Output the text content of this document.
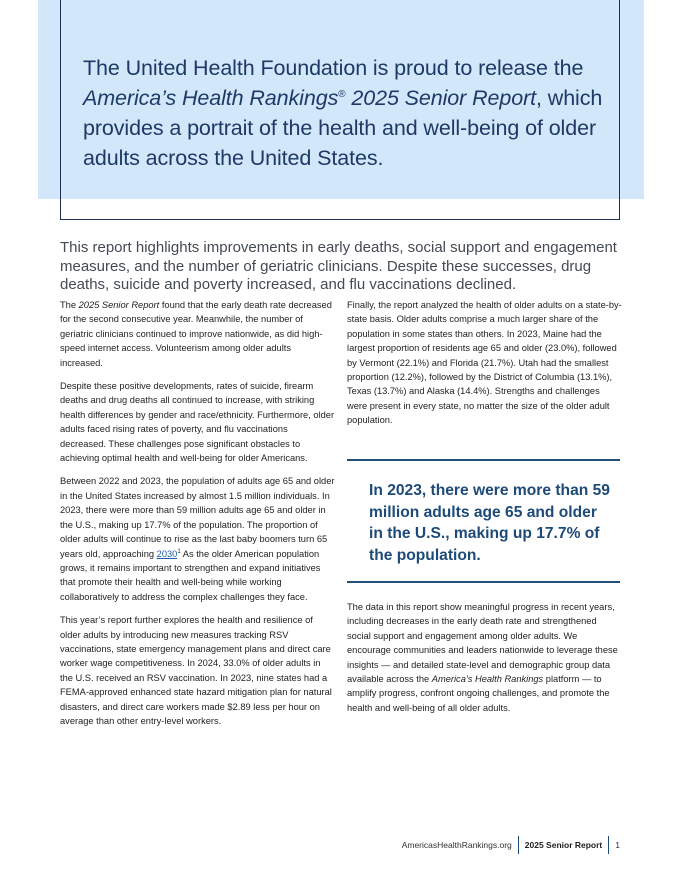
The United Health Foundation is proud to release the America’s Health Rankings® 2025 Senior Report, which provides a portrait of the health and well-being of older adults across the United States.

This report highlights improvements in early deaths, social support and engagement measures, and the number of geriatric clinicians. Despite these successes, drug deaths, suicide and poverty increased, and flu vaccinations declined.

The 2025 Senior Report found that the early death rate decreased for the second consecutive year. Meanwhile, the number of geriatric clinicians continued to improve nationwide, as did high-speed internet access. Volunteerism among older adults increased.

Despite these positive developments, rates of suicide, firearm deaths and drug deaths all continued to increase, with striking health differences by gender and race/ethnicity. Furthermore, older adults faced rising rates of poverty, and flu vaccinations decreased. These challenges pose significant obstacles to achieving optimal health and well-being for older Americans.

Between 2022 and 2023, the population of adults age 65 and older in the United States increased by almost 1.5 million individuals. In 2023, there were more than 59 million adults age 65 and older in the U.S., making up 17.7% of the population. The proportion of older adults will continue to rise as the last baby boomers turn 65 years old, approaching 2030$^1$ As the older American population grows, it remains important to strengthen and expand initiatives that promote their health and well-being while working collaboratively to address the complex challenges they face.

This year’s report further explores the health and resilience of older adults by introducing new measures tracking RSV vaccinations, state emergency management plans and direct care worker wage competitiveness. In 2024, 33.0% of older adults in the U.S. received an RSV vaccination. In 2023, nine states had a FEMA-approved enhanced state hazard mitigation plan for natural disasters, and direct care workers made $2.89 less per hour on average than other entry-level workers.

Finally, the report analyzed the health of older adults on a state-by-state basis. Older adults comprise a much larger share of the population in some states than others. In 2023, Maine had the largest proportion of residents age 65 and older (23.0%), followed by Vermont (22.1%) and Florida (21.7%). Utah had the smallest proportion (12.2%), followed by the District of Columbia (13.1%), Texas (13.7%) and Alaska (14.4%). Strengths and challenges were present in every state, no matter the size of the older adult population.

In 2023, there were more than 59 million adults age 65 and older in the U.S., making up 17.7% of the population.

The data in this report show meaningful progress in recent years, including decreases in the early death rate and strengthened social support and engagement among older adults. We encourage communities and leaders nationwide to leverage these insights — and detailed state-level and demographic group data available across the America’s Health Rankings platform — to amplify progress, confront ongoing challenges, and promote the health and well-being of all older adults.

AmericasHealthRankings.org 2025 Senior Report 1
